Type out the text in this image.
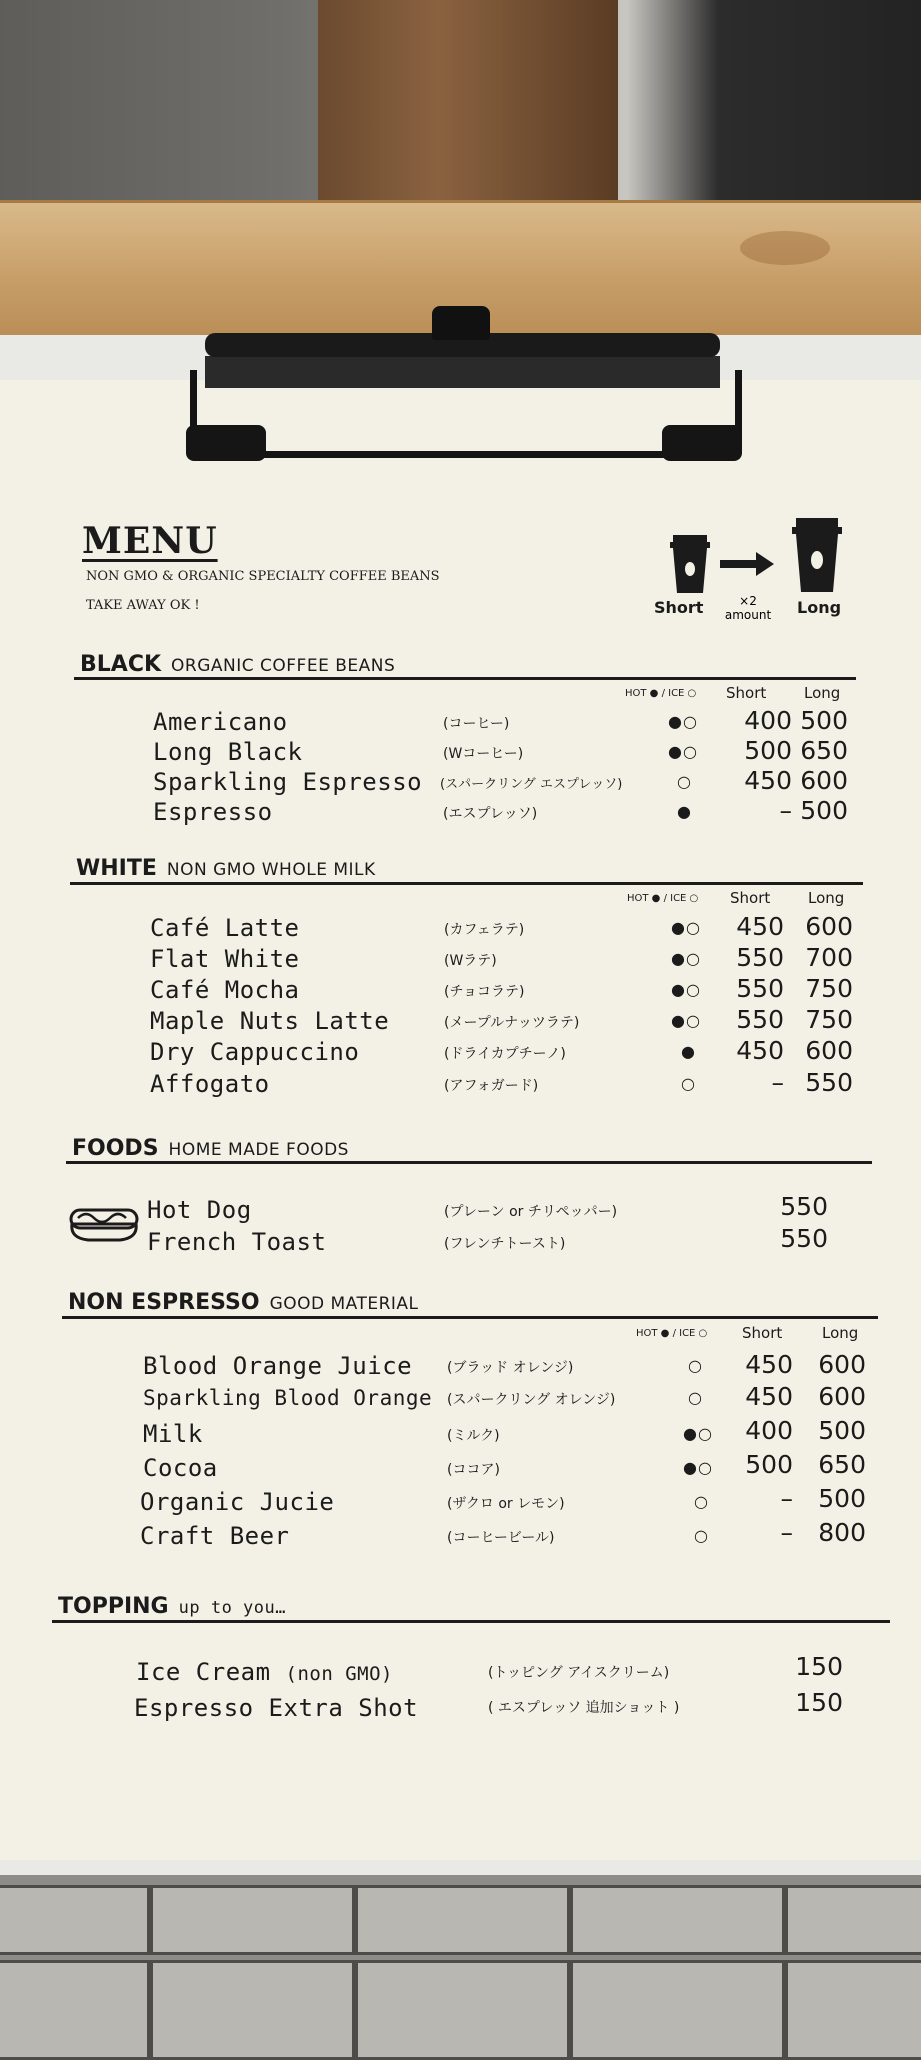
MENU
NON GMO & ORGANIC SPECIALTY COFFEE BEANS
TAKE AWAY OK !	Short	×2
amount	Long
BLACK ORGANIC COFFEE BEANS
HOT ● / ICE ○ Short	Long
Americano	(コーヒー)	●○	400 500
Long Black	(Wコーヒー)	●○	500 650
Sparkling Espresso (スパークリング エスプレッソ)	○	450 600
Espresso	(エスプレッソ)	●	– 500
WHITE NON GMO WHOLE MILK
HOT ● / ICE ○ Short	Long
Café Latte	(カフェラテ)	●○	450 600
Flat White	(Wラテ)	●○	550 700
Café Mocha	(チョコラテ)	●○	550 750
Maple Nuts Latte	(メープルナッツラテ)	●○	550 750
Dry Cappuccino	(ドライカプチーノ)	●	450 600
Affogato	(アフォガード)	○	– 550
FOODS HOME MADE FOODS
Hot Dog	(プレーン or チリペッパー)	550
French Toast	(フレンチトースト)	550
NON ESPRESSO GOOD MATERIAL
HOT ● / ICE ○ Short	Long
Blood Orange Juice (ブラッド オレンジ)	○	450	600
Sparkling Blood Orange (スパークリング オレンジ)	○	450	600
Milk	(ミルク)	●○	400	500
Cocoa	(ココア)	●○	500	650
Organic Jucie	(ザクロ or レモン)	○	–	500
Craft Beer	(コーヒービール)	○	–	800
TOPPING up to you…
Ice Cream (non GMO)	(トッピング アイスクリーム)	150
Espresso Extra Shot	( エスプレッソ 追加ショット )	150
